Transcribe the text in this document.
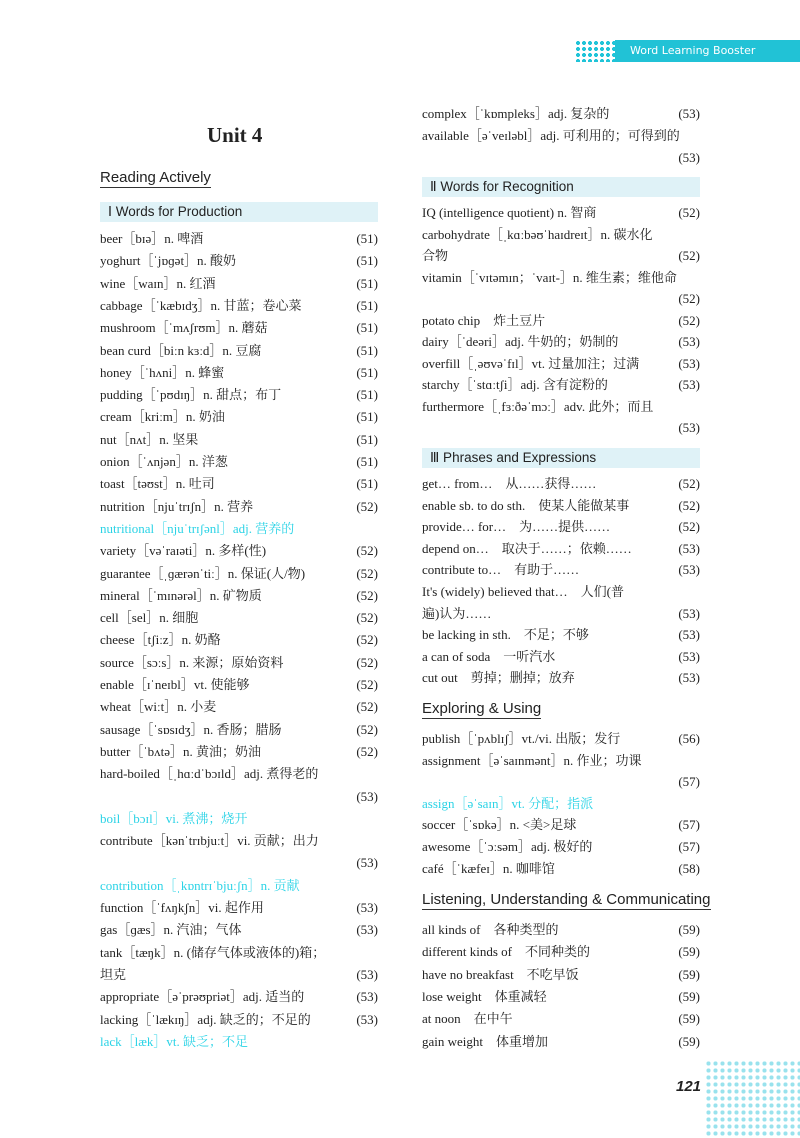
Word Learning Booster
Unit 4
Reading Actively
Ⅰ Words for Production
beer［bɪə］n. 啤酒	(51)
yoghurt［ˈjɒɡət］n. 酸奶	(51)
wine［waɪn］n. 红酒	(51)
cabbage［ˈkæbɪdʒ］n. 甘蓝；卷心菜	(51)
mushroom［ˈmʌʃrʊm］n. 蘑菇	(51)
bean curd［biːn kɜːd］n. 豆腐	(51)
honey［ˈhʌni］n. 蜂蜜	(51)
pudding［ˈpʊdɪŋ］n. 甜点；布丁	(51)
cream［kriːm］n. 奶油	(51)
nut［nʌt］n. 坚果	(51)
onion［ˈʌnjən］n. 洋葱	(51)
toast［təʊst］n. 吐司	(51)
nutrition［njuˈtrɪʃn］n. 营养	(52)
nutritional［njuˈtrɪʃənl］adj. 营养的
variety［vəˈraɪəti］n. 多样(性)	(52)
guarantee［ˌɡærənˈtiː］n. 保证(人/物)	(52)
mineral［ˈmɪnərəl］n. 矿物质	(52)
cell［sel］n. 细胞	(52)
cheese［tʃiːz］n. 奶酪	(52)
source［sɔːs］n. 来源；原始资料	(52)
enable［ɪˈneɪbl］vt. 使能够	(52)
wheat［wiːt］n. 小麦	(52)
sausage［ˈsɒsɪdʒ］n. 香肠；腊肠	(52)
butter［ˈbʌtə］n. 黄油；奶油	(52)
hard-boiled［ˌhɑːdˈbɔɪld］adj. 煮得老的
(53)
boil［bɔɪl］vi. 煮沸；烧开
contribute［kənˈtrɪbjuːt］vi. 贡献；出力
(53)
contribution［ˌkɒntrɪˈbjuːʃn］n. 贡献
function［ˈfʌŋkʃn］vi. 起作用	(53)
gas［ɡæs］n. 汽油；气体	(53)
tank［tæŋk］n. (储存气体或液体的)箱；
坦克	(53)
appropriate［əˈprəʊpriət］adj. 适当的	(53)
lacking［ˈlækɪŋ］adj. 缺乏的；不足的	(53)
lack［læk］vt. 缺乏；不足
complex［ˈkɒmpleks］adj. 复杂的	(53)
available［əˈveɪləbl］adj. 可利用的；可得到的
(53)
Ⅱ Words for Recognition
IQ (intelligence quotient) n. 智商	(52)
carbohydrate［ˌkɑːbəʊˈhaɪdreɪt］n. 碳水化
合物	(52)
vitamin［ˈvɪtəmɪn；ˈvaɪt-］n. 维生素；维他命
(52)
potato chip　炸土豆片	(52)
dairy［ˈdeəri］adj. 牛奶的；奶制的	(53)
overfill［ˌəʊvəˈfɪl］vt. 过量加注；过满	(53)
starchy［ˈstɑːtʃi］adj. 含有淀粉的	(53)
furthermore［ˌfɜːðəˈmɔː］adv. 此外；而且
(53)
Ⅲ Phrases and Expressions
get… from…　从……获得……	(52)
enable sb. to do sth.　使某人能做某事	(52)
provide… for…　为……提供……	(52)
depend on…　取决于……；依赖……	(53)
contribute to…　有助于……	(53)
It's (widely) believed that…　人们(普
遍)认为……	(53)
be lacking in sth.　不足；不够	(53)
a can of soda　一听汽水	(53)
cut out　剪掉；删掉；放弃	(53)
Exploring & Using
publish［ˈpʌblɪʃ］vt./vi. 出版；发行	(56)
assignment［əˈsaɪnmənt］n. 作业；功课
(57)
assign［əˈsaɪn］vt. 分配；指派
soccer［ˈsɒkə］n. <美>足球	(57)
awesome［ˈɔːsəm］adj. 极好的	(57)
café［ˈkæfeɪ］n. 咖啡馆	(58)
Listening, Understanding & Communicating
all kinds of　各种类型的	(59)
different kinds of　不同种类的	(59)
have no breakfast　不吃早饭	(59)
lose weight　体重减轻	(59)
at noon　在中午	(59)
gain weight　体重增加	(59)
121
